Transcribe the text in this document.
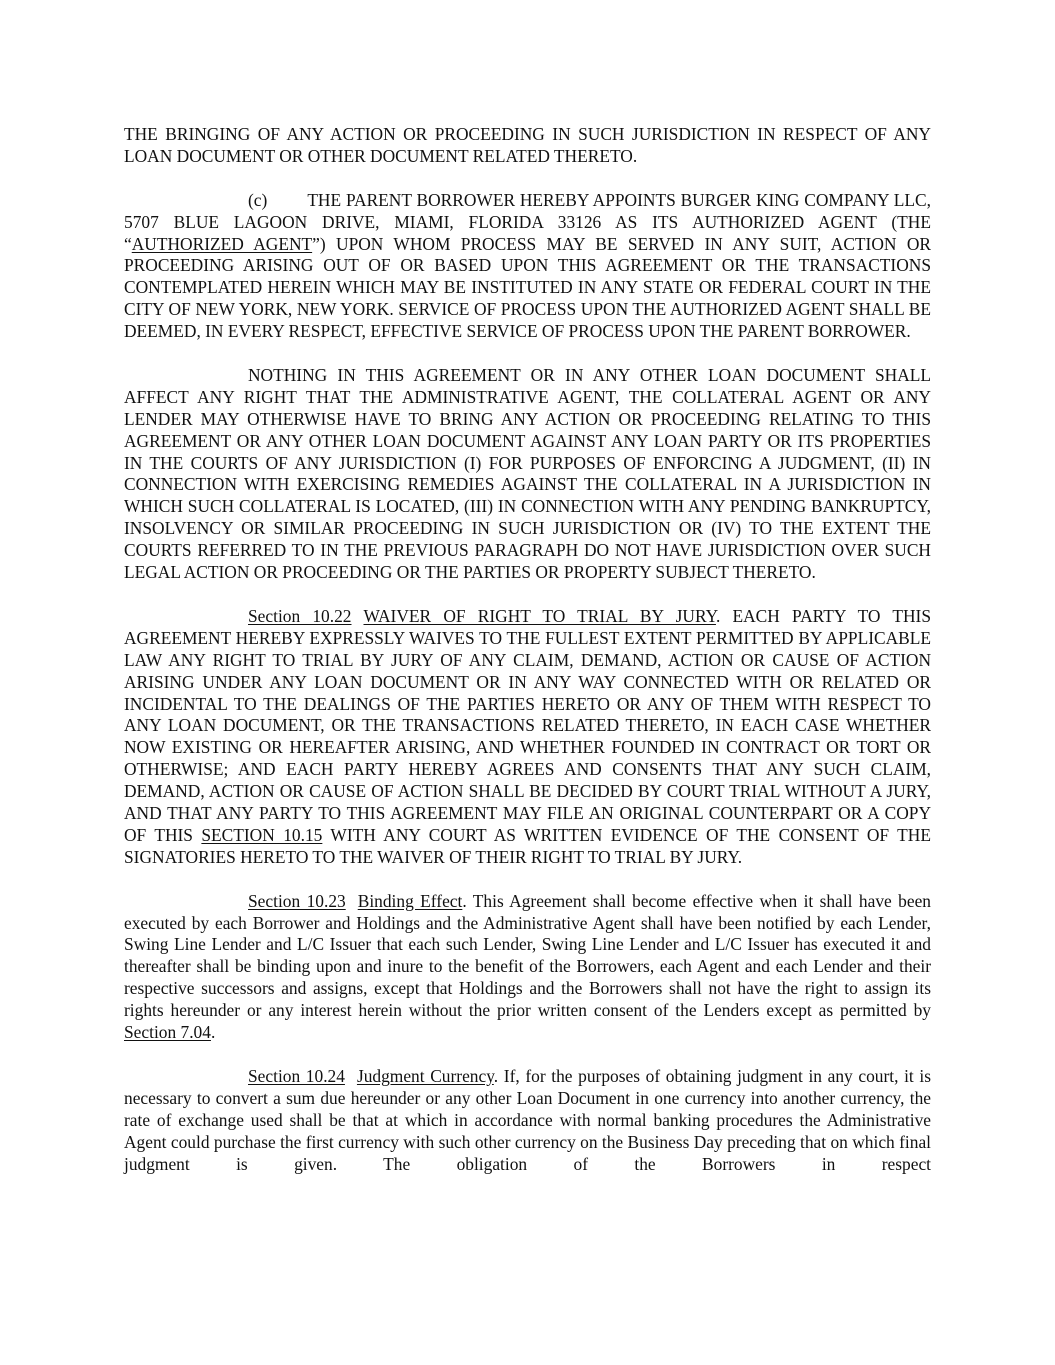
THE BRINGING OF ANY ACTION OR PROCEEDING IN SUCH JURISDICTION IN RESPECT OF ANY LOAN DOCUMENT OR OTHER DOCUMENT RELATED THERETO.

(c) THE PARENT BORROWER HEREBY APPOINTS BURGER KING COMPANY LLC, 5707 BLUE LAGOON DRIVE, MIAMI, FLORIDA 33126 AS ITS AUTHORIZED AGENT (THE “AUTHORIZED AGENT”) UPON WHOM PROCESS MAY BE SERVED IN ANY SUIT, ACTION OR PROCEEDING ARISING OUT OF OR BASED UPON THIS AGREEMENT OR THE TRANSACTIONS CONTEMPLATED HEREIN WHICH MAY BE INSTITUTED IN ANY STATE OR FEDERAL COURT IN THE CITY OF NEW YORK, NEW YORK. SERVICE OF PROCESS UPON THE AUTHORIZED AGENT SHALL BE DEEMED, IN EVERY RESPECT, EFFECTIVE SERVICE OF PROCESS UPON THE PARENT BORROWER.

NOTHING IN THIS AGREEMENT OR IN ANY OTHER LOAN DOCUMENT SHALL AFFECT ANY RIGHT THAT THE ADMINISTRATIVE AGENT, THE COLLATERAL AGENT OR ANY LENDER MAY OTHERWISE HAVE TO BRING ANY ACTION OR PROCEEDING RELATING TO THIS AGREEMENT OR ANY OTHER LOAN DOCUMENT AGAINST ANY LOAN PARTY OR ITS PROPERTIES IN THE COURTS OF ANY JURISDICTION (I) FOR PURPOSES OF ENFORCING A JUDGMENT, (II) IN CONNECTION WITH EXERCISING REMEDIES AGAINST THE COLLATERAL IN A JURISDICTION IN WHICH SUCH COLLATERAL IS LOCATED, (III) IN CONNECTION WITH ANY PENDING BANKRUPTCY, INSOLVENCY OR SIMILAR PROCEEDING IN SUCH JURISDICTION OR (IV) TO THE EXTENT THE COURTS REFERRED TO IN THE PREVIOUS PARAGRAPH DO NOT HAVE JURISDICTION OVER SUCH LEGAL ACTION OR PROCEEDING OR THE PARTIES OR PROPERTY SUBJECT THERETO.

Section 10.22 WAIVER OF RIGHT TO TRIAL BY JURY. EACH PARTY TO THIS AGREEMENT HEREBY EXPRESSLY WAIVES TO THE FULLEST EXTENT PERMITTED BY APPLICABLE LAW ANY RIGHT TO TRIAL BY JURY OF ANY CLAIM, DEMAND, ACTION OR CAUSE OF ACTION ARISING UNDER ANY LOAN DOCUMENT OR IN ANY WAY CONNECTED WITH OR RELATED OR INCIDENTAL TO THE DEALINGS OF THE PARTIES HERETO OR ANY OF THEM WITH RESPECT TO ANY LOAN DOCUMENT, OR THE TRANSACTIONS RELATED THERETO, IN EACH CASE WHETHER NOW EXISTING OR HEREAFTER ARISING, AND WHETHER FOUNDED IN CONTRACT OR TORT OR OTHERWISE; AND EACH PARTY HEREBY AGREES AND CONSENTS THAT ANY SUCH CLAIM, DEMAND, ACTION OR CAUSE OF ACTION SHALL BE DECIDED BY COURT TRIAL WITHOUT A JURY, AND THAT ANY PARTY TO THIS AGREEMENT MAY FILE AN ORIGINAL COUNTERPART OR A COPY OF THIS SECTION 10.15 WITH ANY COURT AS WRITTEN EVIDENCE OF THE CONSENT OF THE SIGNATORIES HERETO TO THE WAIVER OF THEIR RIGHT TO TRIAL BY JURY.

Section 10.23 Binding Effect. This Agreement shall become effective when it shall have been executed by each Borrower and Holdings and the Administrative Agent shall have been notified by each Lender, Swing Line Lender and L/C Issuer that each such Lender, Swing Line Lender and L/C Issuer has executed it and thereafter shall be binding upon and inure to the benefit of the Borrowers, each Agent and each Lender and their respective successors and assigns, except that Holdings and the Borrowers shall not have the right to assign its rights hereunder or any interest herein without the prior written consent of the Lenders except as permitted by Section 7.04.

Section 10.24 Judgment Currency. If, for the purposes of obtaining judgment in any court, it is necessary to convert a sum due hereunder or any other Loan Document in one currency into another currency, the rate of exchange used shall be that at which in accordance with normal banking procedures the Administrative Agent could purchase the first currency with such other currency on the Business Day preceding that on which final judgment is given. The obligation of the Borrowers in respect
